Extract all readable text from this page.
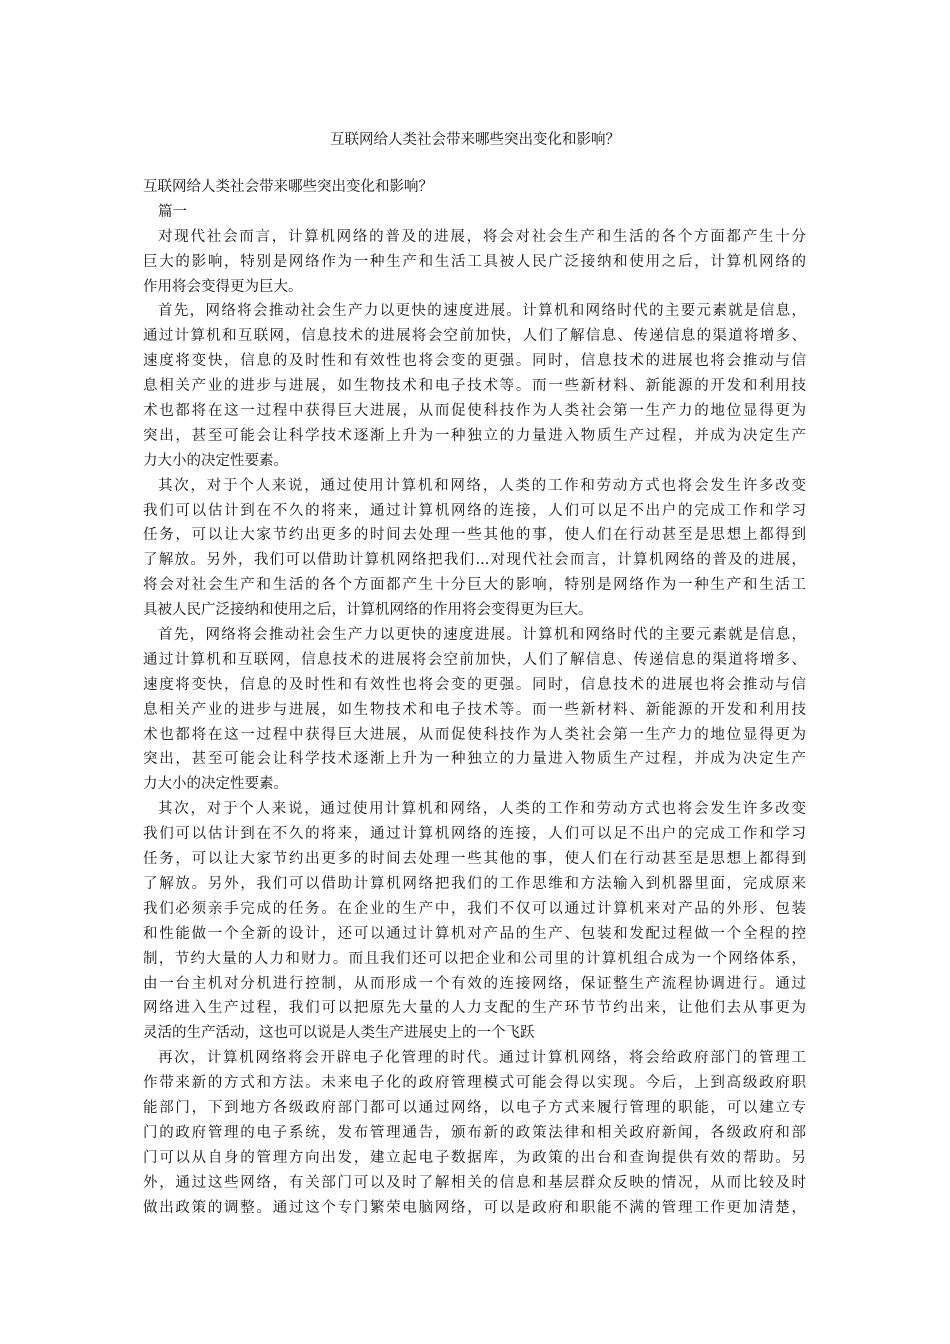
互联网给人类社会带来哪些突出变化和影响？
互联网给人类社会带来哪些突出变化和影响？
篇一
对现代社会而言，计算机网络的普及的进展，将会对社会生产和生活的各个方面都产生十分
巨大的影响，特别是网络作为一种生产和生活工具被人民广泛接纳和使用之后，计算机网络的
作用将会变得更为巨大。
首先，网络将会推动社会生产力以更快的速度进展。计算机和网络时代的主要元素就是信息，
通过计算机和互联网，信息技术的进展将会空前加快，人们了解信息、传递信息的渠道将增多、
速度将变快，信息的及时性和有效性也将会变的更强。同时，信息技术的进展也将会推动与信
息相关产业的进步与进展，如生物技术和电子技术等。而一些新材料、新能源的开发和利用技
术也都将在这一过程中获得巨大进展，从而促使科技作为人类社会第一生产力的地位显得更为
突出，甚至可能会让科学技术逐渐上升为一种独立的力量进入物质生产过程，并成为决定生产
力大小的决定性要素。
其次，对于个人来说，通过使用计算机和网络，人类的工作和劳动方式也将会发生许多改变
我们可以估计到在不久的将来，通过计算机网络的连接，人们可以足不出户的完成工作和学习
任务，可以让大家节约出更多的时间去处理一些其他的事，使人们在行动甚至是思想上都得到
了解放。另外，我们可以借助计算机网络把我们...对现代社会而言，计算机网络的普及的进展，
将会对社会生产和生活的各个方面都产生十分巨大的影响，特别是网络作为一种生产和生活工
具被人民广泛接纳和使用之后，计算机网络的作用将会变得更为巨大。
首先，网络将会推动社会生产力以更快的速度进展。计算机和网络时代的主要元素就是信息，
通过计算机和互联网，信息技术的进展将会空前加快，人们了解信息、传递信息的渠道将增多、
速度将变快，信息的及时性和有效性也将会变的更强。同时，信息技术的进展也将会推动与信
息相关产业的进步与进展，如生物技术和电子技术等。而一些新材料、新能源的开发和利用技
术也都将在这一过程中获得巨大进展，从而促使科技作为人类社会第一生产力的地位显得更为
突出，甚至可能会让科学技术逐渐上升为一种独立的力量进入物质生产过程，并成为决定生产
力大小的决定性要素。
其次，对于个人来说，通过使用计算机和网络，人类的工作和劳动方式也将会发生许多改变
我们可以估计到在不久的将来，通过计算机网络的连接，人们可以足不出户的完成工作和学习
任务，可以让大家节约出更多的时间去处理一些其他的事，使人们在行动甚至是思想上都得到
了解放。另外，我们可以借助计算机网络把我们的工作思维和方法输入到机器里面，完成原来
我们必须亲手完成的任务。在企业的生产中，我们不仅可以通过计算机来对产品的外形、包装
和性能做一个全新的设计，还可以通过计算机对产品的生产、包装和发配过程做一个全程的控
制，节约大量的人力和财力。而且我们还可以把企业和公司里的计算机组合成为一个网络体系，
由一台主机对分机进行控制，从而形成一个有效的连接网络，保证整生产流程协调进行。通过
网络进入生产过程，我们可以把原先大量的人力支配的生产环节节约出来，让他们去从事更为
灵活的生产活动，这也可以说是人类生产进展史上的一个飞跃
再次，计算机网络将会开辟电子化管理的时代。通过计算机网络，将会给政府部门的管理工
作带来新的方式和方法。未来电子化的政府管理模式可能会得以实现。今后，上到高级政府职
能部门，下到地方各级政府部门都可以通过网络，以电子方式来履行管理的职能，可以建立专
门的政府管理的电子系统，发布管理通告，颁布新的政策法律和相关政府新闻，各级政府和部
门可以从自身的管理方向出发，建立起电子数据库，为政策的出台和查询提供有效的帮助。另
外，通过这些网络，有关部门可以及时了解相关的信息和基层群众反映的情况，从而比较及时
做出政策的调整。通过这个专门繁荣电脑网络，可以是政府和职能不满的管理工作更加清楚，
